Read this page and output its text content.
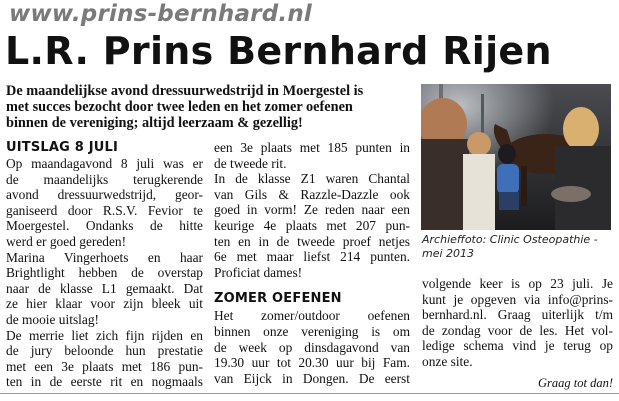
www.prins-bernhard.nl
L.R. Prins Bernhard Rijen

De maandelijkse avond dressuurwedstrijd in Moergestel is
met succes bezocht door twee leden en het zomer oefenen
binnen de vereniging; altijd leerzaam & gezellig!

Archieffoto: Clinic Osteopathie -
mei 2013

UITSLAG 8 JULI
Op maandagavond 8 juli was er
de maandelijks terugkerende
avond dressuurwedstrijd, geor-
ganiseerd door R.S.V. Fevior te
Moergestel. Ondanks de hitte
werd er goed gereden!
Marina Vingerhoets en haar
Brightlight hebben de overstap
naar de klasse L1 gemaakt. Dat
ze hier klaar voor zijn bleek uit
de mooie uitslag!
De merrie liet zich fijn rijden en
de jury beloonde hun prestatie
met een 3e plaats met 186 pun-
ten in de eerste rit en nogmaals
een 3e plaats met 185 punten in
de tweede rit.
In de klasse Z1 waren Chantal
van Gils & Razzle-Dazzle ook
goed in vorm! Ze reden naar een
keurige 4e plaats met 207 pun-
ten en in de tweede proef netjes
6e met maar liefst 214 punten.
Proficiat dames!
ZOMER OEFENEN
Het zomer/outdoor oefenen
binnen onze vereniging is om
de week op dinsdagavond van
19.30 uur tot 20.30 uur bij Fam.
van Eijck in Dongen. De eerst
volgende keer is op 23 juli. Je
kunt je opgeven via info@prins-
bernhard.nl. Graag uiterlijk t/m
de zondag voor de les. Het vol-
ledige schema vind je terug op
onze site.
Graag tot dan!
